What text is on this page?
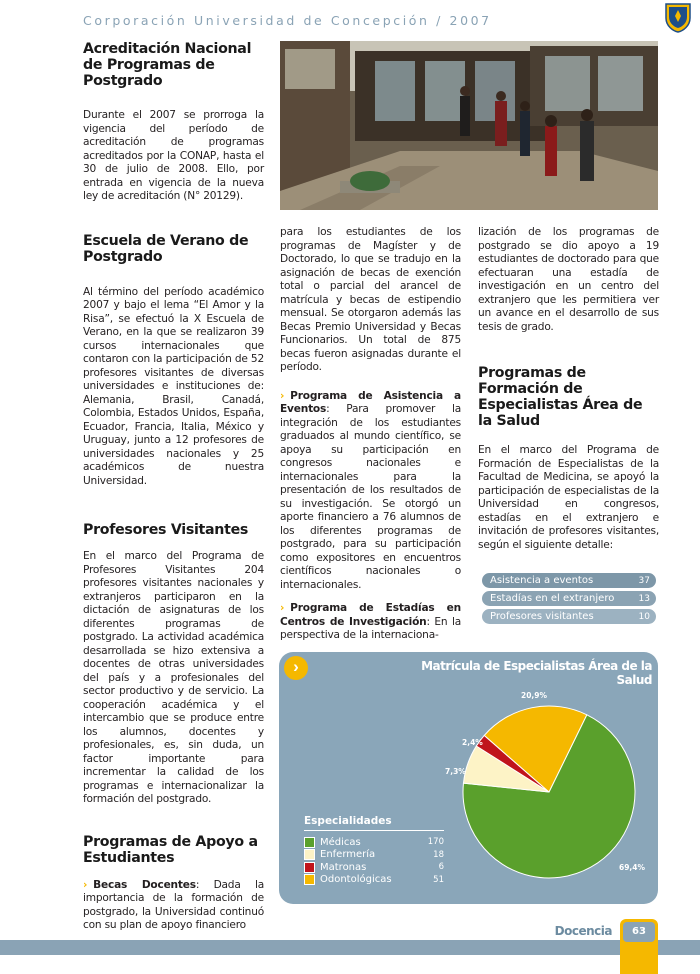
Corporación Universidad de Concepción / 2007
Acreditación Nacional de Programas de Postgrado

Durante el 2007 se prorroga la vigencia del período de acreditación de programas acreditados por la CONAP, hasta el 30 de julio de 2008. Ello, por entrada en vigencia de la nueva ley de acreditación (N° 20129).

Escuela de Verano de Postgrado

Al término del período académico 2007 y bajo el lema “El Amor y la Risa”, se efectuó la X Escuela de Verano, en la que se realizaron 39 cursos internacionales que contaron con la participación de 52 profesores visitantes de diversas universidades e instituciones de: Alemania, Brasil, Canadá, Colombia, Estados Unidos, España, Ecuador, Francia, Italia, México y Uruguay, junto a 12 profesores de universidades nacionales y 25 académicos de nuestra Universidad.

Profesores Visitantes

En el marco del Programa de Profesores Visitantes 204 profesores visitantes nacionales y extranjeros participaron en la dictación de asignaturas de los diferentes programas de postgrado. La actividad académica desarrollada se hizo extensiva a docentes de otras universidades del país y a profesionales del sector productivo y de servicio. La cooperación académica y el intercambio que se produce entre los alumnos, docentes y profesionales, es, sin duda, un factor importante para incrementar la calidad de los programas e internacionalizar la formación del postgrado.

Programas de Apoyo a Estudiantes

› Becas Docentes: Dada la importancia de la formación de postgrado, la Universidad continuó con su plan de apoyo financiero

para los estudiantes de los programas de Magíster y de Doctorado, lo que se tradujo en la asignación de becas de exención total o parcial del arancel de matrícula y becas de estipendio mensual. Se otorgaron además las Becas Premio Universidad y Becas Funcionarios. Un total de 875 becas fueron asignadas durante el período.

› Programa de Asistencia a Eventos: Para promover la integración de los estudiantes graduados al mundo científico, se apoya su participación en congresos nacionales e internacionales para la presentación de los resultados de su investigación. Se otorgó un aporte financiero a 76 alumnos de los diferentes programas de postgrado, para su participación como expositores en encuentros científicos nacionales o internacionales.

› Programa de Estadías en Centros de Investigación: En la perspectiva de la internaciona-

lización de los programas de postgrado se dio apoyo a 19 estudiantes de doctorado para que efectuaran una estadía de investigación en un centro del extranjero que les permitiera ver un avance en el desarrollo de sus tesis de grado.

Programas de Formación de Especialistas Área de la Salud

En el marco del Programa de Formación de Especialistas de la Facultad de Medicina, se apoyó la participación de especialistas de la Universidad en congresos, estadías en el extranjero e invitación de profesores visitantes, según el siguiente detalle:

Asistencia a eventos	37
Estadías en el extranjero	13
Profesores visitantes	10
›	Matrícula de Especialistas Área de la Salud
69,4%
7,3%
2,4%
20,9%
Especialidades
Médicas	170
Enfermería	18
Matronas	6
Odontológicas	51
Docencia	63
